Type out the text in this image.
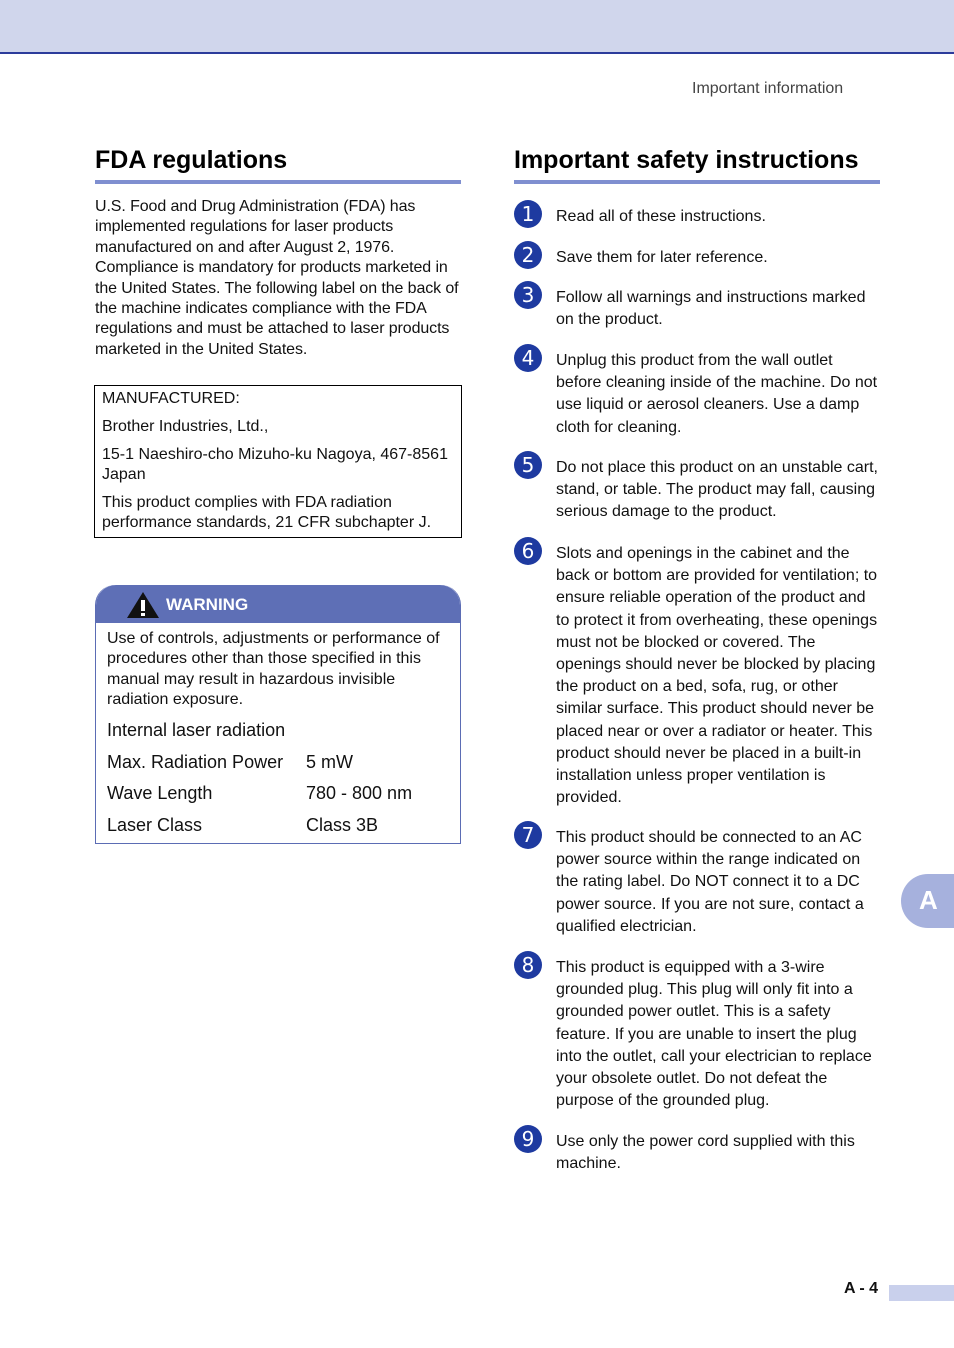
Important information
FDA regulations

U.S. Food and Drug Administration (FDA) has implemented regulations for laser products manufactured on and after August 2, 1976. Compliance is mandatory for products marketed in the United States. The following label on the back of the machine indicates compliance with the FDA regulations and must be attached to laser products marketed in the United States.

MANUFACTURED:

Brother Industries, Ltd.,

15-1 Naeshiro-cho Mizuho-ku Nagoya, 467-8561 Japan

This product complies with FDA radiation performance standards, 21 CFR subchapter J.

WARNING

Use of controls, adjustments or performance of procedures other than those specified in this manual may result in hazardous invisible radiation exposure.

Internal laser radiation
Max. Radiation Power	5 mW
Wave Length	780 - 800 nm
Laser Class	Class 3B
Important safety instructions
1	Read all of these instructions.

2	Save them for later reference.

3	Follow all warnings and instructions marked on the product.

4	Unplug this product from the wall outlet before cleaning inside of the machine. Do not use liquid or aerosol cleaners. Use a damp cloth for cleaning.

5	Do not place this product on an unstable cart, stand, or table. The product may fall, causing serious damage to the product.

6	Slots and openings in the cabinet and the back or bottom are provided for ventilation; to ensure reliable operation of the product and to protect it from overheating, these openings must not be blocked or covered. The openings should never be blocked by placing the product on a bed, sofa, rug, or other similar surface. This product should never be placed near or over a radiator or heater. This product should never be placed in a built-in installation unless proper ventilation is provided.

7	This product should be connected to an AC power source within the range indicated on the rating label. Do NOT connect it to a DC power source. If you are not sure, contact a qualified electrician.

8	This product is equipped with a 3-wire grounded plug. This plug will only fit into a grounded power outlet. This is a safety feature. If you are unable to insert the plug into the outlet, call your electrician to replace your obsolete outlet. Do not defeat the purpose of the grounded plug.

9	Use only the power cord supplied with this machine.

A
A - 4
